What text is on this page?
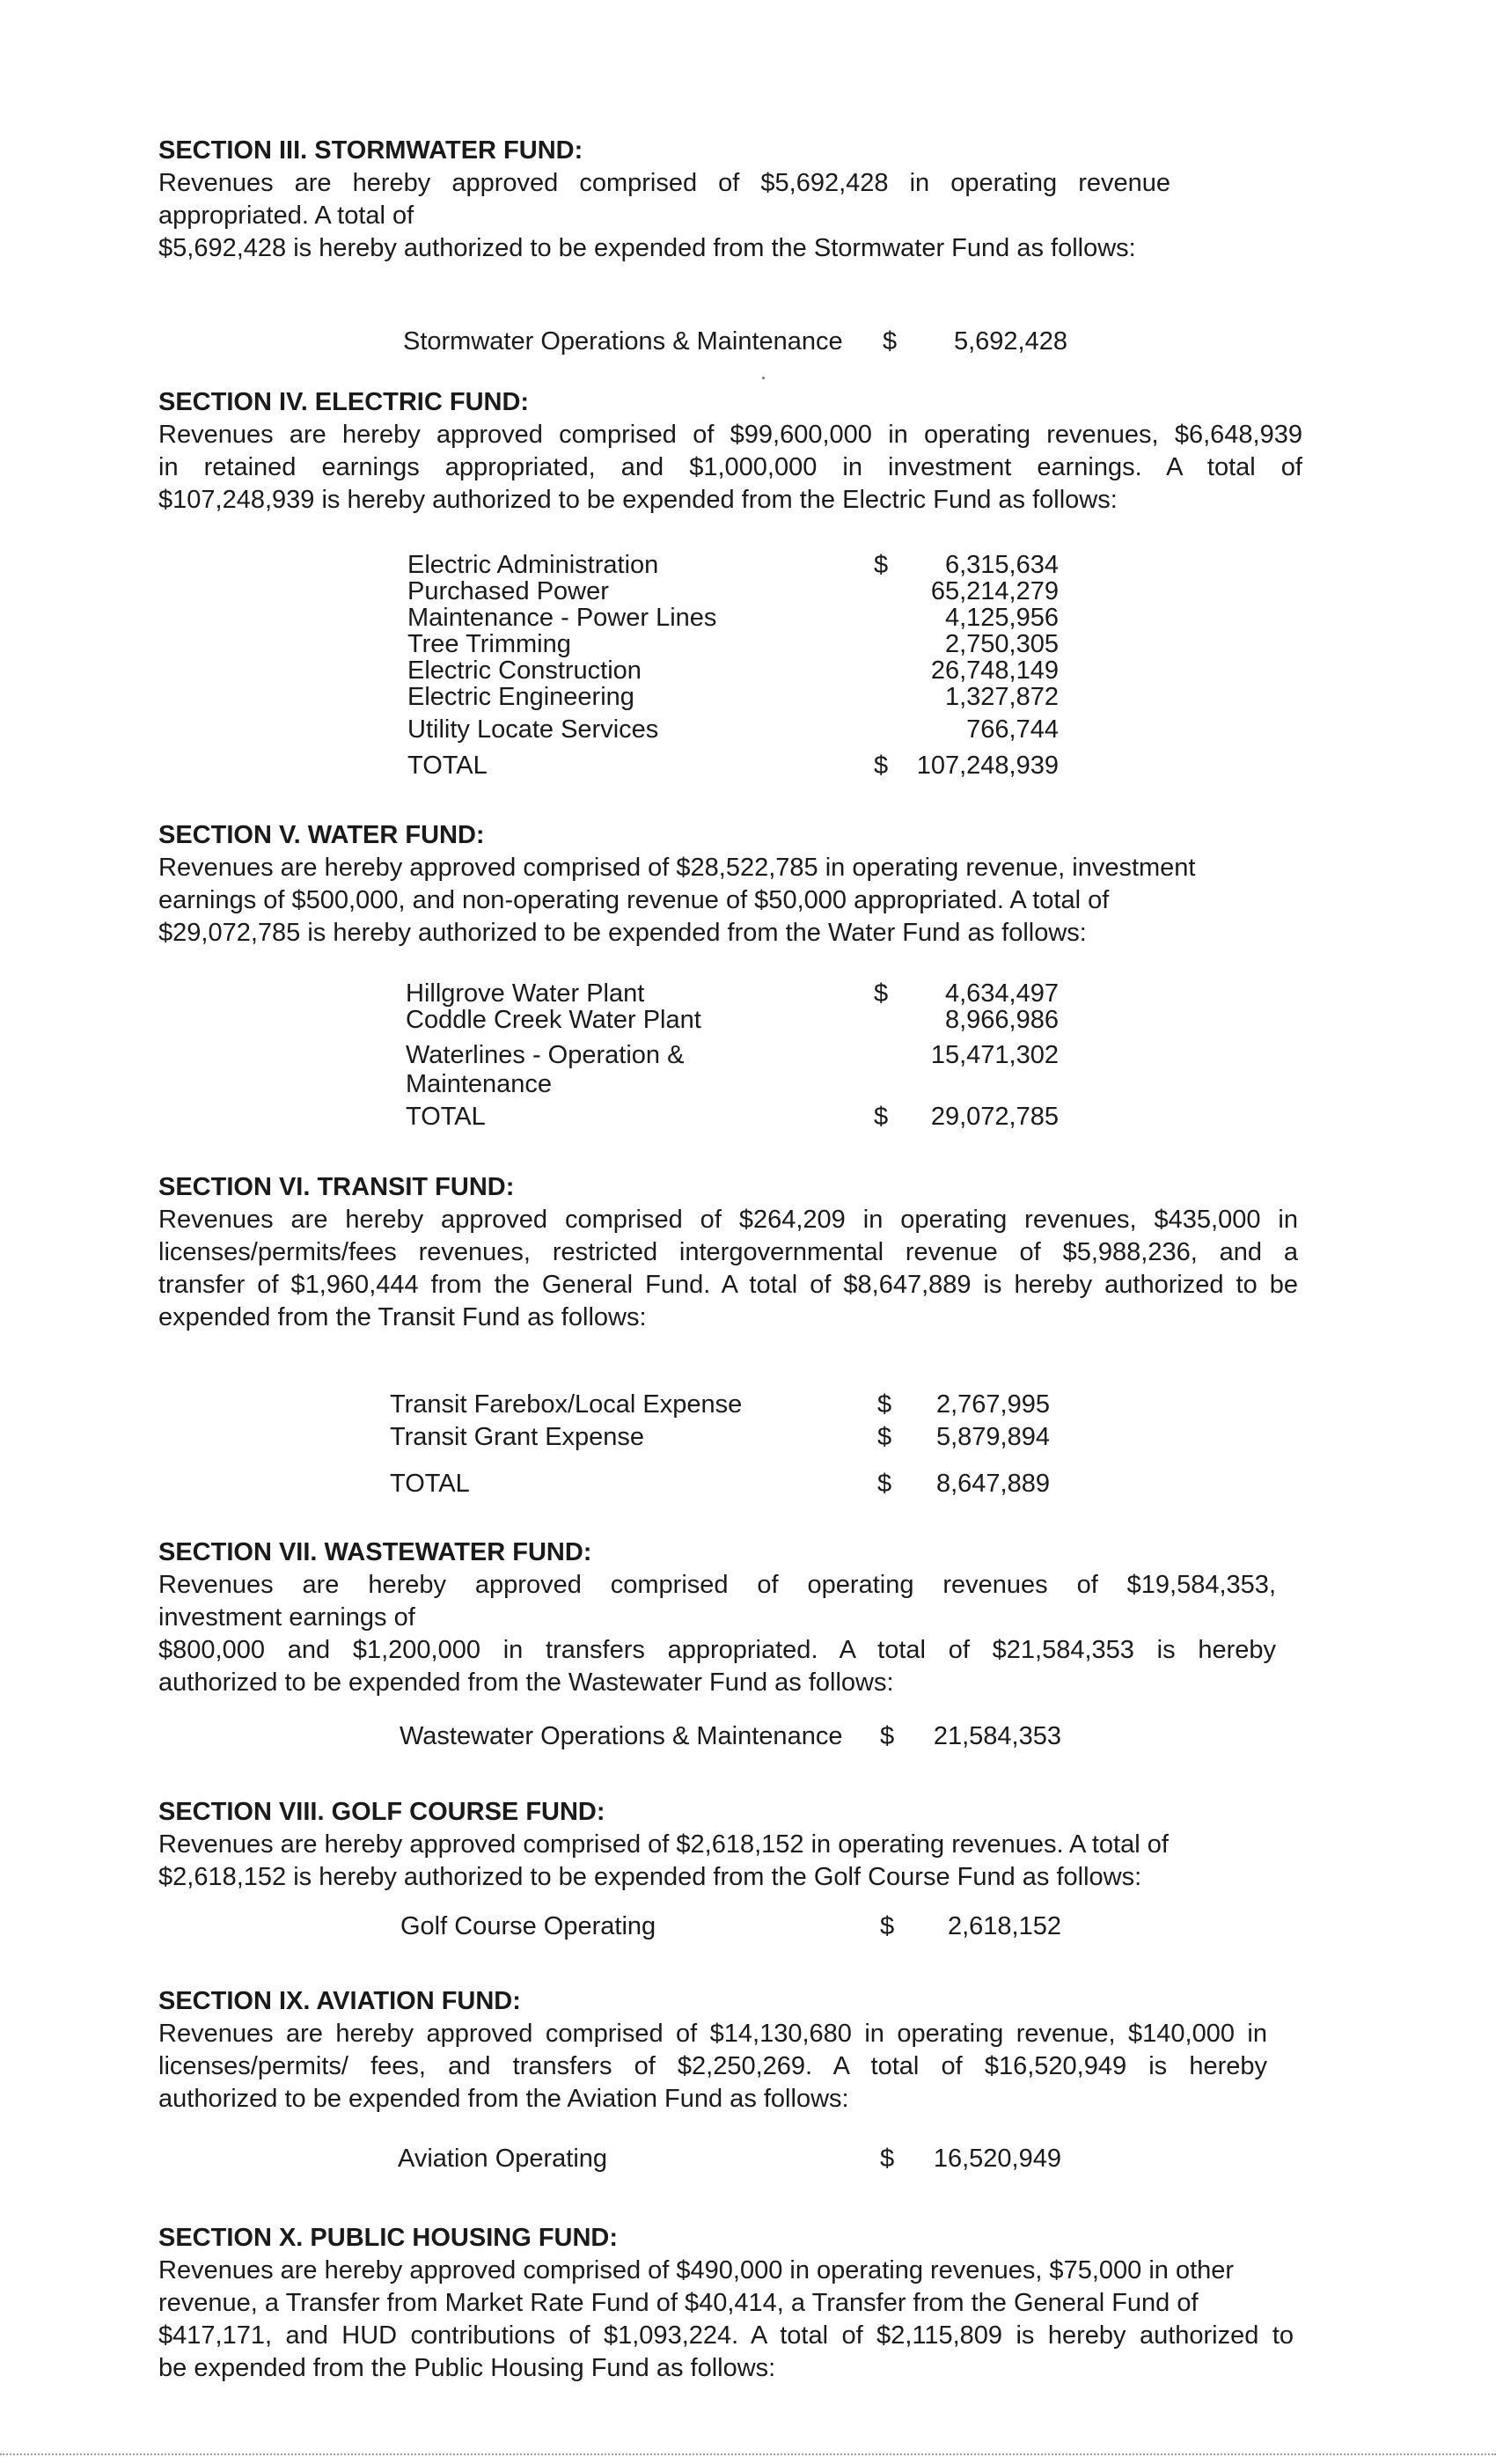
SECTION III. STORMWATER FUND:
Revenues are hereby approved comprised of $5,692,428 in operating revenue
appropriated. A total of
$5,692,428 is hereby authorized to be expended from the Stormwater Fund as follows:
Stormwater Operations & Maintenance $ 5,692,428
SECTION IV. ELECTRIC FUND:
Revenues are hereby approved comprised of $99,600,000 in operating revenues, $6,648,939
in retained earnings appropriated, and $1,000,000 in investment earnings. A total of
$107,248,939 is hereby authorized to be expended from the Electric Fund as follows:
Electric Administration	$ 6,315,634
Purchased Power	65,214,279
Maintenance - Power Lines	4,125,956
Tree Trimming	2,750,305
Electric Construction	26,748,149
Electric Engineering	1,327,872
Utility Locate Services	766,744
TOTAL	$ 107,248,939
SECTION V. WATER FUND:
Revenues are hereby approved comprised of $28,522,785 in operating revenue, investment
earnings of $500,000, and non-operating revenue of $50,000 appropriated. A total of
$29,072,785 is hereby authorized to be expended from the Water Fund as follows:
Hillgrove Water Plant	$ 4,634,497
Coddle Creek Water Plant	8,966,986
Waterlines - Operation &	15,471,302
Maintenance
TOTAL	$ 29,072,785
SECTION VI. TRANSIT FUND:
Revenues are hereby approved comprised of $264,209 in operating revenues, $435,000 in
licenses/permits/fees revenues, restricted intergovernmental revenue of $5,988,236, and a
transfer of $1,960,444 from the General Fund. A total of $8,647,889 is hereby authorized to be
expended from the Transit Fund as follows:
Transit Farebox/Local Expense	$ 2,767,995
Transit Grant Expense	$ 5,879,894
TOTAL	$ 8,647,889
SECTION VII. WASTEWATER FUND:
Revenues are hereby approved comprised of operating revenues of $19,584,353,
investment earnings of
$800,000 and $1,200,000 in transfers appropriated. A total of $21,584,353 is hereby
authorized to be expended from the Wastewater Fund as follows:
Wastewater Operations & Maintenance $ 21,584,353
SECTION VIII. GOLF COURSE FUND:
Revenues are hereby approved comprised of $2,618,152 in operating revenues. A total of
$2,618,152 is hereby authorized to be expended from the Golf Course Fund as follows:
Golf Course Operating	$ 2,618,152
SECTION IX. AVIATION FUND:
Revenues are hereby approved comprised of $14,130,680 in operating revenue, $140,000 in
licenses/permits/ fees, and transfers of $2,250,269. A total of $16,520,949 is hereby
authorized to be expended from the Aviation Fund as follows:
Aviation Operating	$ 16,520,949
SECTION X. PUBLIC HOUSING FUND:
Revenues are hereby approved comprised of $490,000 in operating revenues, $75,000 in other
revenue, a Transfer from Market Rate Fund of $40,414, a Transfer from the General Fund of
$417,171, and HUD contributions of $1,093,224. A total of $2,115,809 is hereby authorized to
be expended from the Public Housing Fund as follows:
